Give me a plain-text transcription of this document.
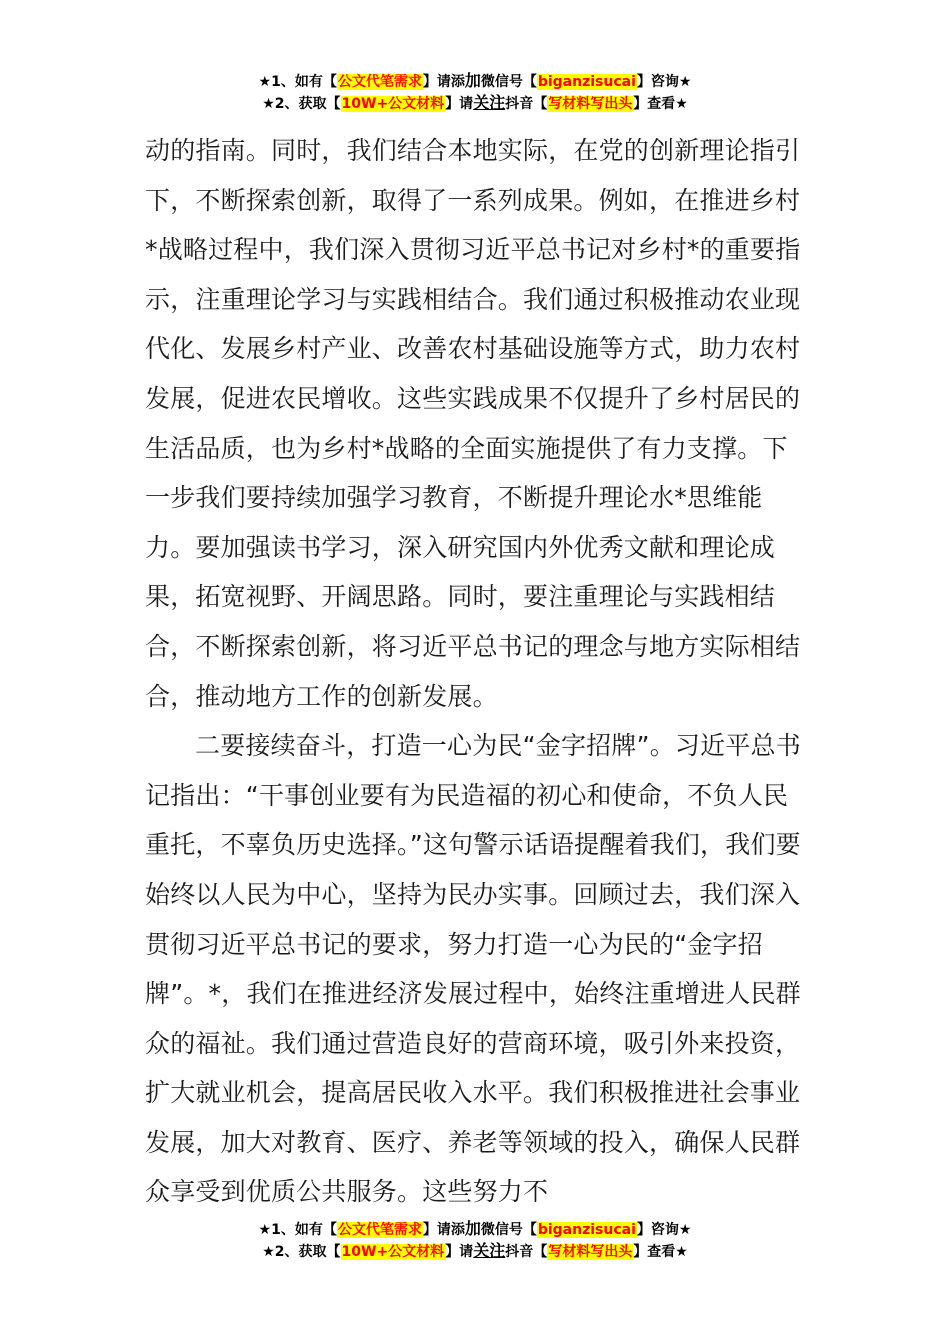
★1、如有【公文代笔需求】请添加微信号【biganzisucai】咨询★
★2、获取【10W+公文材料】请关注抖音【写材料写出头】查看★

动的指南。同时，我们结合本地实际，在党的创新理论指引下，不断探索创新，取得了一系列成果。例如，在推进乡村*战略过程中，我们深入贯彻习近平总书记对乡村*的重要指示，注重理论学习与实践相结合。我们通过积极推动农业现代化、发展乡村产业、改善农村基础设施等方式，助力农村发展，促进农民增收。这些实践成果不仅提升了乡村居民的生活品质，也为乡村*战略的全面实施提供了有力支撑。下一步我们要持续加强学习教育，不断提升理论水*思维能力。要加强读书学习，深入研究国内外优秀文献和理论成果，拓宽视野、开阔思路。同时，要注重理论与实践相结合，不断探索创新，将习近平总书记的理念与地方实际相结合，推动地方工作的创新发展。

二要接续奋斗，打造一心为民“金字招牌”。习近平总书记指出：“干事创业要有为民造福的初心和使命，不负人民重托，不辜负历史选择。”这句警示话语提醒着我们，我们要始终以人民为中心，坚持为民办实事。回顾过去，我们深入贯彻习近平总书记的要求，努力打造一心为民的“金字招牌”。*，我们在推进经济发展过程中，始终注重增进人民群众的福祉。我们通过营造良好的营商环境，吸引外来投资，扩大就业机会，提高居民收入水平。我们积极推进社会事业发展，加大对教育、医疗、养老等领域的投入，确保人民群众享受到优质公共服务。这些努力不

★1、如有【公文代笔需求】请添加微信号【biganzisucai】咨询★
★2、获取【10W+公文材料】请关注抖音【写材料写出头】查看★
